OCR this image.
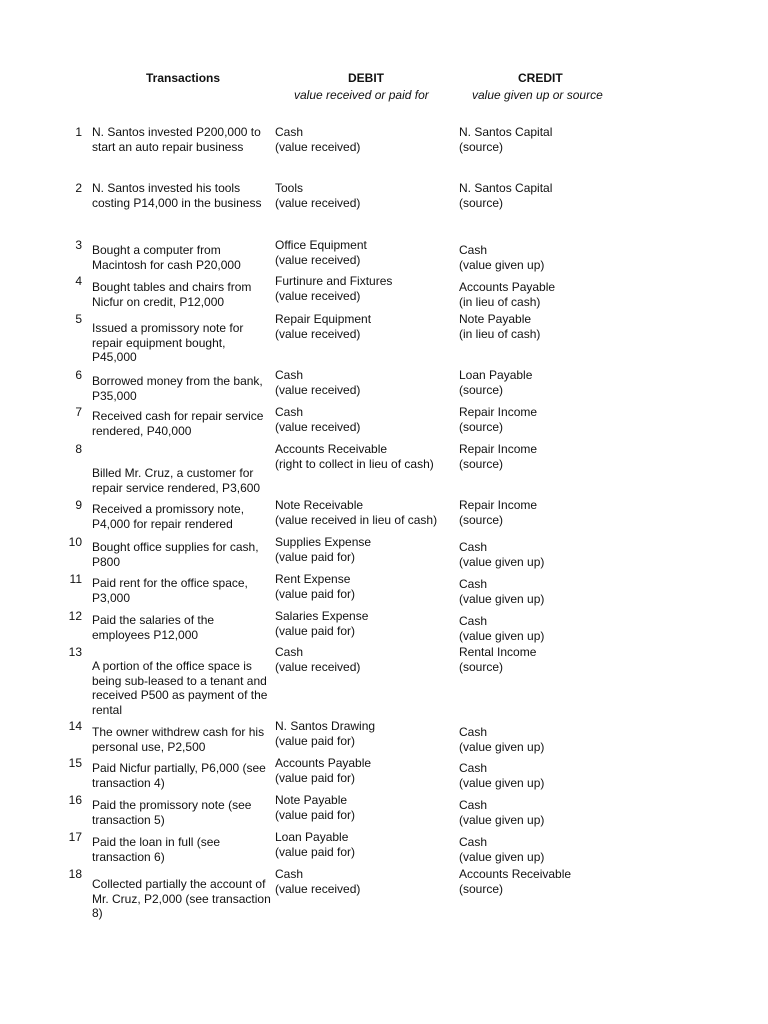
Transactions	DEBIT
value received or paid for
CREDIT
value given up or source
1 N. Santos invested P200,000 to start an auto repair business
Cash
(value received)
N. Santos Capital
(source)
2 N. Santos invested his tools costing P14,000 in the business
Tools
(value received)
N. Santos Capital
(source)
3 Bought a computer from Macintosh for cash P20,000
Office Equipment
(value received)
Cash
(value given up)
4 Bought tables and chairs from Nicfur on credit, P12,000
Furtinure and Fixtures
(value received)
Accounts Payable
(in lieu of cash)
5
Issued a promissory note for repair equipment bought, P45,000
Repair Equipment
(value received)
Note Payable
(in lieu of cash)
6 Borrowed money from the bank, P35,000
Cash
(value received)
Loan Payable
(source)
7 Received cash for repair service rendered, P40,000
Cash
(value received)
Repair Income
(source)
8
Billed Mr. Cruz, a customer for repair service rendered, P3,600
Accounts Receivable
(right to collect in lieu of cash)
Repair Income
(source)
9 Received a promissory note, P4,000 for repair rendered
Note Receivable
(value received in lieu of cash)
Repair Income
(source)
10 Bought office supplies for cash, P800
Supplies Expense
(value paid for)
Cash
(value given up)
11 Paid rent for the office space, P3,000
Rent Expense
(value paid for)
Cash
(value given up)
12 Paid the salaries of the employees P12,000
Salaries Expense
(value paid for)
Cash
(value given up)
13
A portion of the office space is being sub-leased to a tenant and received P500 as payment of the rental
Cash
(value received)
Rental Income
(source)
14 The owner withdrew cash for his personal use, P2,500
N. Santos Drawing
(value paid for)
Cash
(value given up)
15 Paid Nicfur partially, P6,000 (see transaction 4)
Accounts Payable
(value paid for)
Cash
(value given up)
16 Paid the promissory note (see transaction 5)
Note Payable
(value paid for)
Cash
(value given up)
17 Paid the loan in full (see transaction 6)
Loan Payable
(value paid for)
Cash
(value given up)
18
Collected partially the account of Mr. Cruz, P2,000 (see transaction 8)
Cash
(value received)
Accounts Receivable
(source)
